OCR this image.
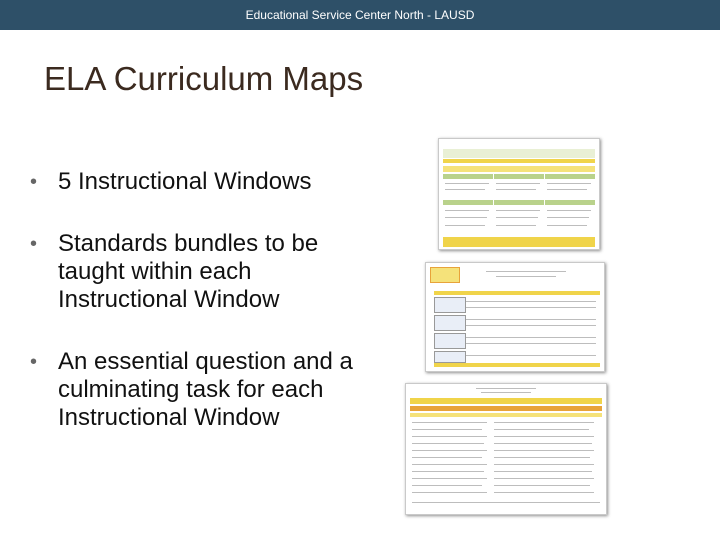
Educational Service Center North - LAUSD
ELA Curriculum Maps
• 5 Instructional Windows
• Standards bundles to be taught within each Instructional Window
• An essential question and a culminating task for each Instructional Window
